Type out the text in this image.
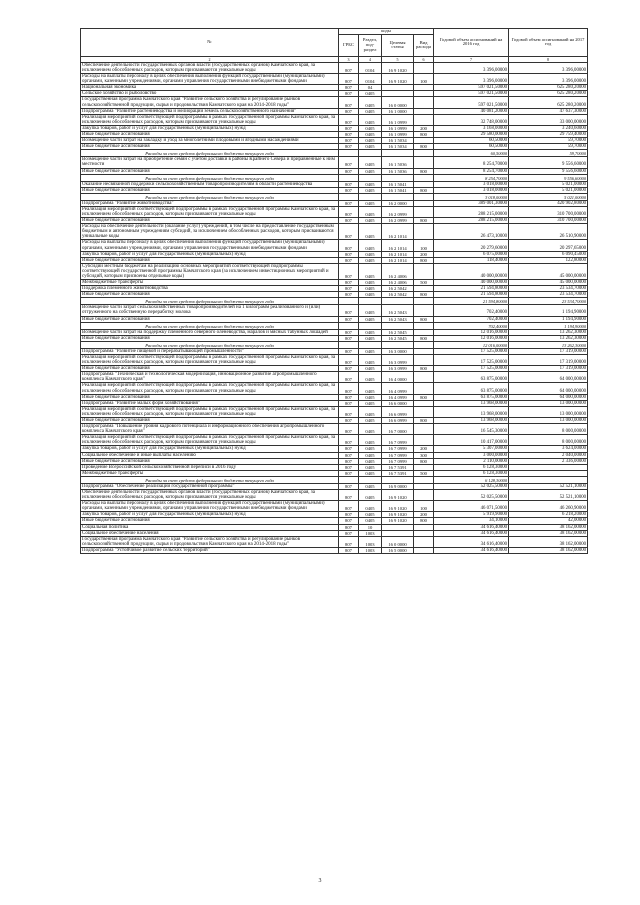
№	коды				Годовой объем ассигнований на 2016 год	Годовой объем ассигнований на 2017 год
	ГРБС	Раздел, под-раздел	Целевая статья	Вид расхода		
2	3	4	5	6	7	8
Обеспечение деятельности государственных органов власти (государственных органов) Камчатского края, за исключением обособленных расходов, которым присваиваются уникальные коды	807	0104	16 9 1020		3 396,00000	3 396,00000
Расходы на выплаты персоналу в целях обеспечения выполнения функций государственными (муниципальными) органами, казенными учреждениями, органами управления государственными внебюджетными фондами	807	0104	16 9 1020	100	3 396,00000	3 396,00000
Национальная экономика	807	04			597 021,50000	625 280,20000
Сельское хозяйство и рыболовство	807	0405			597 021,50000	625 280,20000
Государственная программа Камчатского края "Развитие сельского хозяйства и регулирование рынков сельскохозяйственной продукции, сырья и продовольствия Камчатского края на 2014-2018 годы"	807	0405	16 0 0000		597 021,50000	625 280,20000
Подпрограмма "Развитие растениеводства и мелиорации земель сельскохозяйственного назначения"	807	0405	16 1 0000		40 081,20000	47 637,30000
Реализация мероприятий соответствующей подпрограммы в рамках государственной программы Камчатского края, за исключением обособленных расходов, которым присваиваются уникальные коды	807	0405	16 1 0999		32 748,00000	33 000,00000
Закупка товаров, работ и услуг для государственных (муниципальных) нужд	807	0405	16 1 0999	200	3 168,00000	3 240,60000
Иные бюджетные ассигнования	807	0405	16 1 0999	800	29 580,00000	29 759,40000
Возмещение части затрат на закладку и уход за многолетними плодовыми и ягодными насаждениями	807	0405	16 1 5034		60,50000	59,70000
Иные бюджетные ассигнования	807	0405	16 1 5034	800	60,50000	59,70000
Расходы за счет средств федерального бюджета текущего года					60,50000	59,70000
Возмещение части затрат на приобретение семян с учетом доставки в районы Крайнего Севера и приравненные к ним местности	807	0405	16 1 5036		8 254,70000	9 556,60000
Иные бюджетные ассигнования	807	0405	16 1 5036	800	8 254,70000	9 556,60000
Расходы за счет средств федерального бюджета текущего года					8 254,70000	9 556,60000
Оказание несвязанной поддержки сельскохозяйственным товаропроизводителям в области растениеводства	807	0405	16 1 5041		3 018,00000	5 021,00000
Иные бюджетные ассигнования	807	0405	16 1 5041	800	3 018,00000	5 021,00000
Расходы за счет средств федерального бюджета текущего года					3 018,00000	5 021,00000
Подпрограмма "Развитие животноводства"	807	0405	16 2 0000		389 001,30000	420 902,80000
Реализация мероприятий соответствующей подпрограммы в рамках государственной программы Камчатского края, за исключением обособленных расходов, которым присваиваются уникальные коды	807	0405	16 2 0999		288 215,00000	310 700,00000
Иные бюджетные ассигнования	807	0405	16 2 0999	800	288 215,00000	310 700,00000
Расходы на обеспечение деятельности (оказание услуг) учреждений, в том числе на предоставление государственным бюджетным и автономным учреждениям субсидий, за исключением обособленных расходов, которым присваиваются уникальные коды	807	0405	16 2 1014		26 473,10000	26 510,90000
Расходы на выплаты персоналу в целях обеспечения выполнения функций государственными (муниципальными) органами, казенными учреждениями, органами управления государственными внебюджетными фондами	807	0405	16 2 1014	100	20 279,60000	20 297,65000
Закупка товаров, работ и услуг для государственных (муниципальных) нужд	807	0405	16 2 1014	200	6 075,00000	6 090,45000
Иные бюджетные ассигнования	807	0405	16 2 1014	800	118,40000	122,80000
Субсидии местным бюджетам на реализацию основных мероприятий соответствующей подпрограммы соответствующей государственной программы Камчатского края (за исключением инвестиционных мероприятий и субсидий, которым присвоены отдельные коды)	807	0405	16 2 4006		40 000,00000	45 000,00000
Межбюджетные трансферты	807	0405	16 2 4006	500	40 000,00000	45 000,00000
Поддержка племенного животноводства	807	0405	16 2 5042		21 594,80000	23 534,70000
Иные бюджетные ассигнования	807	0405	16 2 5042	800	21 594,80000	23 534,70000
Расходы за счет средств федерального бюджета текущего года					21 594,80000	23 534,70000
Возмещение части затрат сельскохозяйственных товаропроизводителей на 1 килограмм реализованного и (или) отгруженного на собственную переработку молока	807	0405	16 2 5043		702,40000	1 194,90000
Иные бюджетные ассигнования	807	0405	16 2 5043	800	702,40000	1 194,90000
Расходы за счет средств федерального бюджета текущего года					702,40000	1 194,90000
Возмещение части затрат на поддержку племенного северного оленеводства, маралов и мясных табунных лошадей	807	0405	16 2 5045		12 016,00000	13 262,30000
Иные бюджетные ассигнования	807	0405	16 2 5045	800	12 016,00000	13 262,30000
Расходы за счет средств федерального бюджета текущего года					12 016,00000	13 262,30000
Подпрограмма "Развитие пищевой и перерабатывающей промышленности"	807	0405	16 3 0000		17 525,00000	17 319,00000
Реализация мероприятий соответствующей подпрограммы в рамках государственной программы Камчатского края, за исключением обособленных расходов, которым присваиваются уникальные коды	807	0405	16 3 0999		17 525,00000	17 319,00000
Иные бюджетные ассигнования	807	0405	16 3 0999	800	17 525,00000	17 319,00000
Подпрограмма "Техническая и технологическая модернизация, инновационное развитие агропромышленного комплекса Камчатского края"	807	0405	16 4 0000		63 875,00000	64 000,00000
Реализация мероприятий соответствующей подпрограммы в рамках государственной программы Камчатского края, за исключением обособленных расходов, которым присваиваются уникальные коды	807	0405	16 4 0999		63 875,00000	64 000,00000
Иные бюджетные ассигнования	807	0405	16 4 0999	800	63 875,00000	64 000,00000
Подпрограмма "Развитие малых форм хозяйствования"	807	0405	16 6 0000		13 968,00000	13 000,00000
Реализация мероприятий соответствующей подпрограммы в рамках государственной программы Камчатского края, за исключением обособленных расходов, которым присваиваются уникальные коды	807	0405	16 6 0999		13 968,00000	13 000,00000
Иные бюджетные ассигнования	807	0405	16 6 0999	800	13 968,00000	13 000,00000
Подпрограмма "Повышение уровня кадрового потенциала и информационного обеспечения агропромышленного комплекса Камчатского края"	807	0405	16 7 0000		16 545,30000	8 000,00000
Реализация мероприятий соответствующей подпрограммы в рамках государственной программы Камчатского края, за исключением обособленных расходов, которым присваиваются уникальные коды	807	0405	16 7 0999		10 417,00000	8 000,00000
Закупка товаров, работ и услуг для государственных (муниципальных) нужд	807	0405	16 7 0999	200	5 307,00000	3 624,00000
Социальное обеспечение и иные выплаты населению	807	0405	16 7 0999	300	3 000,00000	2 040,00000
Иные бюджетные ассигнования	807	0405	16 7 0999	800	2 110,00000	2 336,00000
Проведение Всероссийской сельскохозяйственной переписи в 2016 году	807	0405	16 7 5391		6 128,30000	
Межбюджетные трансферты	807	0405	16 7 5391	500	6 128,30000	
Расходы за счет средств федерального бюджета текущего года					6 128,30000	
Подпрограмма "Обеспечение реализации государственной программы"	807	0405	16 9 0000		52 025,50000	52 521,10000
Обеспечение деятельности государственных органов власти (государственных органов) Камчатского края, за исключением обособленных расходов, которым присваиваются уникальные коды	807	0405	16 9 1020		52 025,50000	52 521,10000
Расходы на выплаты персоналу в целях обеспечения выполнения функций государственными (муниципальными) органами, казенными учреждениями, органами управления государственными внебюджетными фондами	807	0405	16 9 1020	100	46 071,50000	46 260,90000
Закупка товаров, работ и услуг для государственных (муниципальных) нужд	807	0405	16 9 1020	200	5 919,90000	6 218,20000
Иные бюджетные ассигнования	807	0405	16 9 1020	800	34,10000	42,00000
Социальная политика	807	10			34 616,40000	38 162,00000
Социальное обеспечение населения	807	1003			34 616,40000	38 162,00000
Государственная программа Камчатского края "Развитие сельского хозяйства и регулирование рынков сельскохозяйственной продукции, сырья и продовольствия Камчатского края на 2014-2018 годы"	807	1003	16 0 0000		34 616,40000	38 162,00000
Подпрограмма "Устойчивое развитие сельских территорий"	807	1003	16 5 0000		34 616,40000	38 162,00000
3
